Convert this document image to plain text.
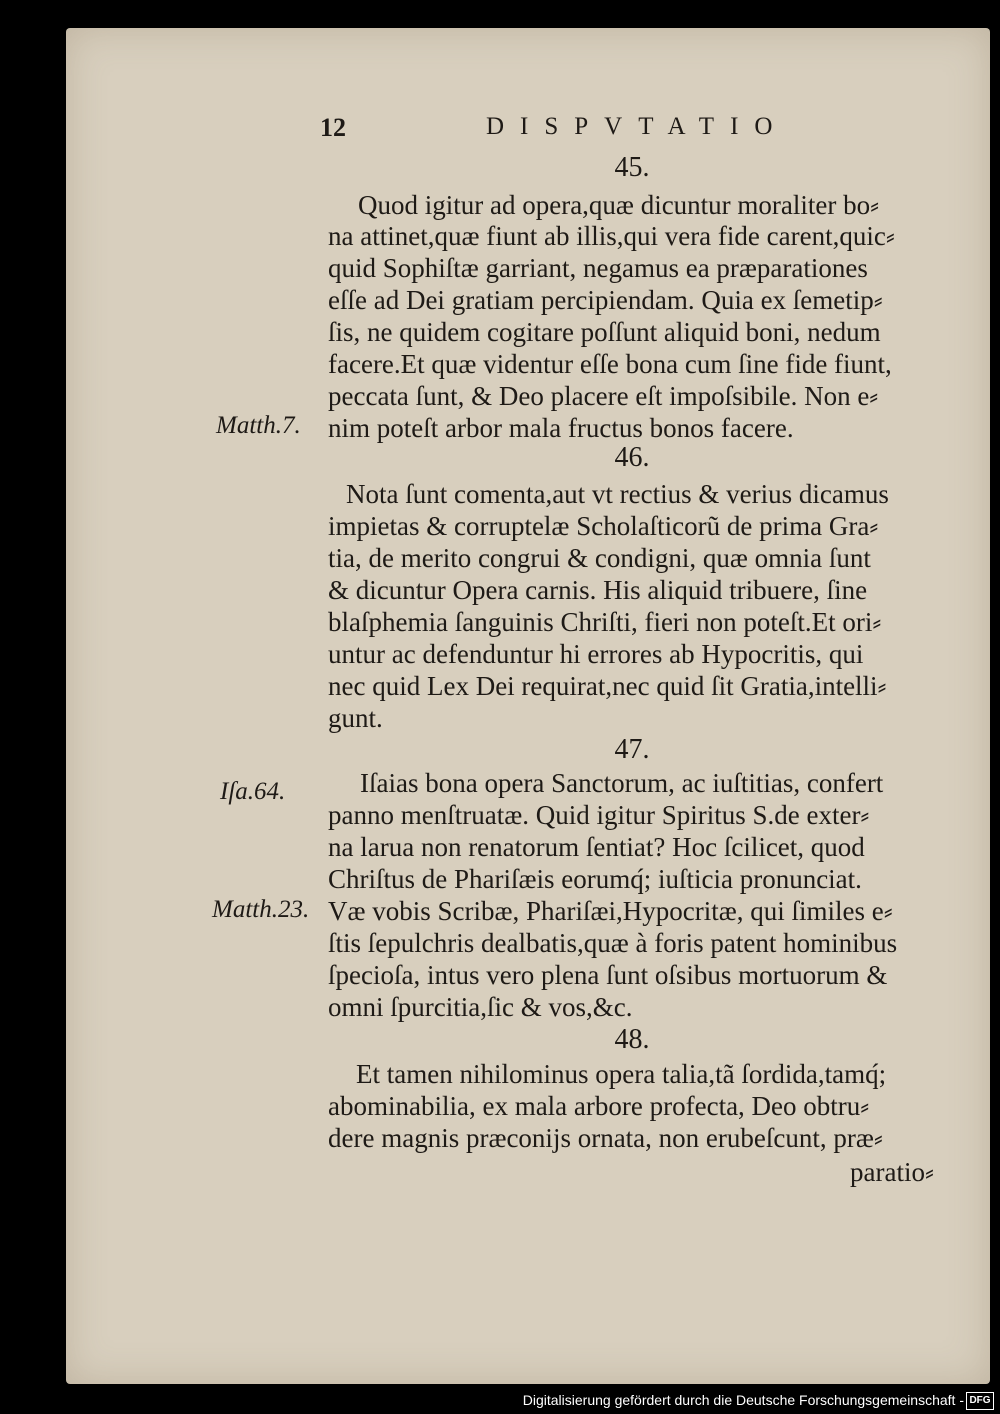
12	DISPVTATIO
45.
Quod igitur ad opera,quæ dicuntur moraliter bo⸗
na attinet,quæ fiunt ab illis,qui vera fide carent,quic⸗
quid Sophiſtæ garriant, negamus ea præparationes
eſſe ad Dei gratiam percipiendam. Quia ex ſemetip⸗
ſis, ne quidem cogitare poſſunt aliquid boni, nedum
facere.Et quæ videntur eſſe bona cum ſine fide fiunt,
peccata ſunt, & Deo placere eſt impoſsibile. Non e⸗
nim poteſt arbor mala fructus bonos facere.
Matth.7.
46.
Nota ſunt comenta,aut vt rectius & verius dicamus
impietas & corruptelæ Scholaſticorũ de prima Gra⸗
tia, de merito congrui & condigni, quæ omnia ſunt
& dicuntur Opera carnis. His aliquid tribuere, ſine
blaſphemia ſanguinis Chriſti, fieri non poteſt.Et ori⸗
untur ac defenduntur hi errores ab Hypocritis, qui
nec quid Lex Dei requirat,nec quid ſit Gratia,intelli⸗
gunt.
47.
Iſaias bona opera Sanctorum, ac iuſtitias, confert
Iſa.64.
panno menſtruatæ. Quid igitur Spiritus S.de exter⸗
na larua non renatorum ſentiat? Hoc ſcilicet, quod
Chriſtus de Phariſæis eorumq́; iuſticia pronunciat.
Væ vobis Scribæ, Phariſæi,Hypocritæ, qui ſimiles e⸗
Matth.23.
ſtis ſepulchris dealbatis,quæ à foris patent hominibus
ſpecioſa, intus vero plena ſunt oſsibus mortuorum &
omni ſpurcitia,ſic & vos,&c.
48.
Et tamen nihilominus opera talia,tã ſordida,tamq́;
abominabilia, ex mala arbore profecta, Deo obtru⸗
dere magnis præconijs ornata, non erubeſcunt, præ⸗
paratio⸗
Digitalisierung gefördert durch die Deutsche Forschungsgemeinschaft - DFG
